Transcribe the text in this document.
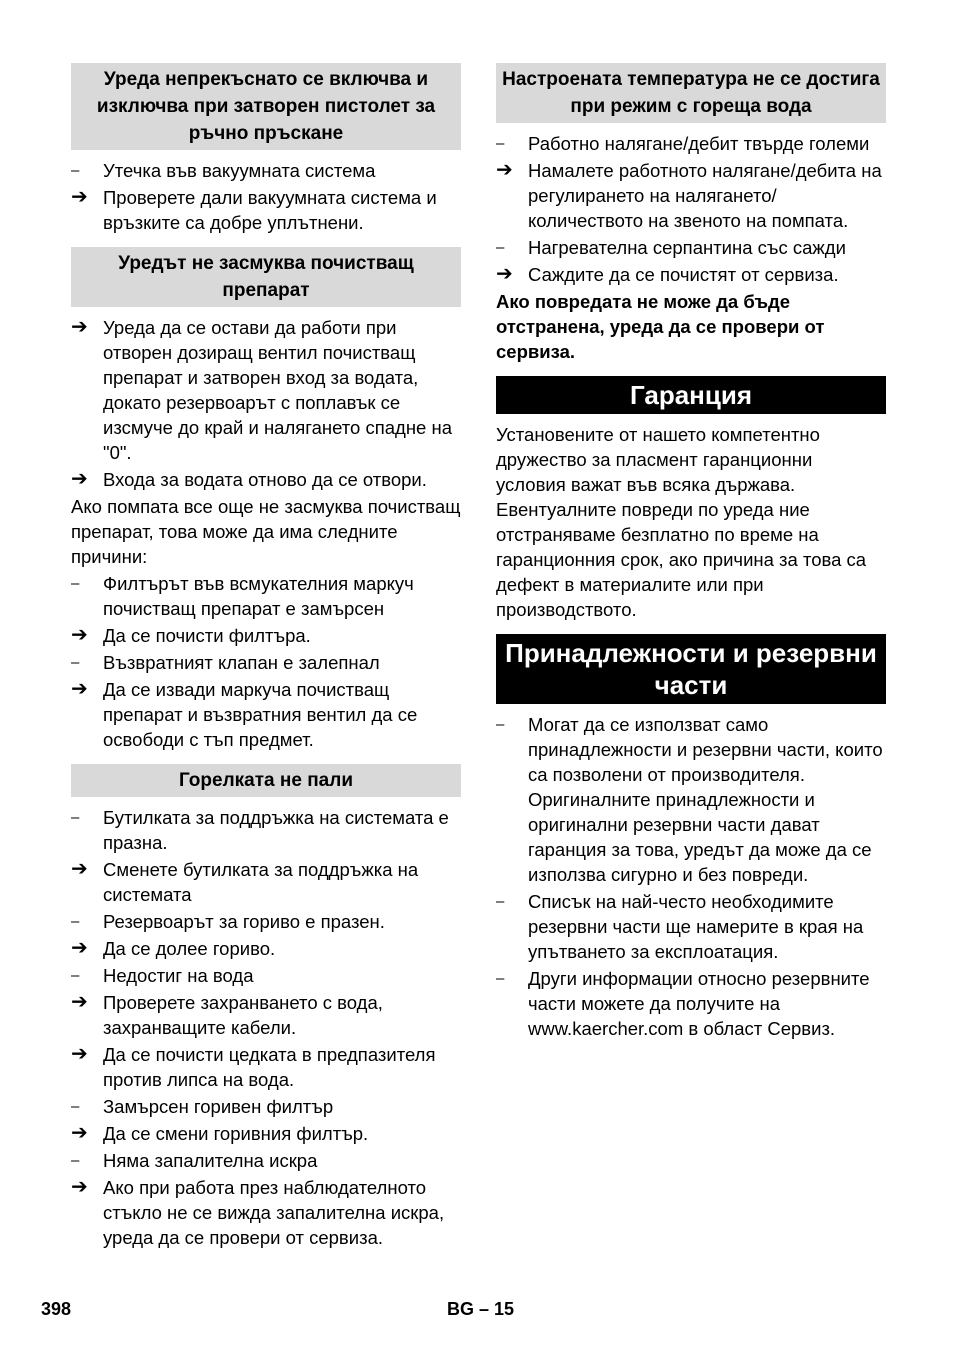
Уреда непрекъснато се включва и изключва при затворен пистолет за ръчно пръскане
–	Утечка във вакуумната система
➔ Проверете дали вакуумната система и връзките са добре уплътнени.
Уредът не засмуква почистващ препарат
➔ Уреда да се остави да работи при отворен дозиращ вентил почистващ препарат и затворен вход за водата, докато резервоарът с поплавък се изсмуче до край и налягането спадне на "0".
➔ Входа за водата отново да се отвори.
Ако помпата все още не засмуква почистващ препарат, това може да има следните причини:
–	Филтърът във всмукателния маркуч почистващ препарат е замърсен
➔ Да се почисти филтъра.
–	Възвратният клапан е залепнал
➔ Да се извади маркуча почистващ препарат и възвратния вентил да се освободи с тъп предмет.
Горелката не пали
–	Бутилката за поддръжка на системата е празна.
➔ Сменете бутилката за поддръжка на системата
–	Резервоарът за гориво е празен.
➔ Да се долее гориво.
–	Недостиг на вода
➔ Проверете захранването с вода, захранващите кабели.
➔ Да се почисти цедката в предпазителя против липса на вода.
–	Замърсен горивен филтър
➔ Да се смени горивния филтър.
–	Няма запалителна искра
➔ Ако при работа през наблюдателното стъкло не се вижда запалителна искра, уреда да се провери от сервиза.
Настроената температура не се достига при режим с гореща вода
–	Работно налягане/дебит твърде големи
➔ Намалете работното налягане/дебита на регулирането на налягането/количеството на звеното на помпата.
–	Нагревателна серпантина със сажди
➔ Саждите да се почистят от сервиза.
Ако повредата не може да бъде отстранена, уреда да се провери от сервиза.
Гаранция
Установените от нашето компетентно дружество за пласмент гаранционни условия важат във всяка държава. Евентуалните повреди по уреда ние отстраняваме безплатно по време на гаранционния срок, ако причина за това са дефект в материалите или при производството.
Принадлежности и резервни части
–	Могат да се използват само принадлежности и резервни части, които са позволени от производителя. Оригиналните принадлежности и оригинални резервни части дават гаранция за това, уредът да може да се използва сигурно и без повреди.
–	Списък на най-често необходимите резервни части ще намерите в края на упътването за експлоатация.
–	Други информации относно резервните части можете да получите на www.kaercher.com в област Сервиз.
398	BG – 15
